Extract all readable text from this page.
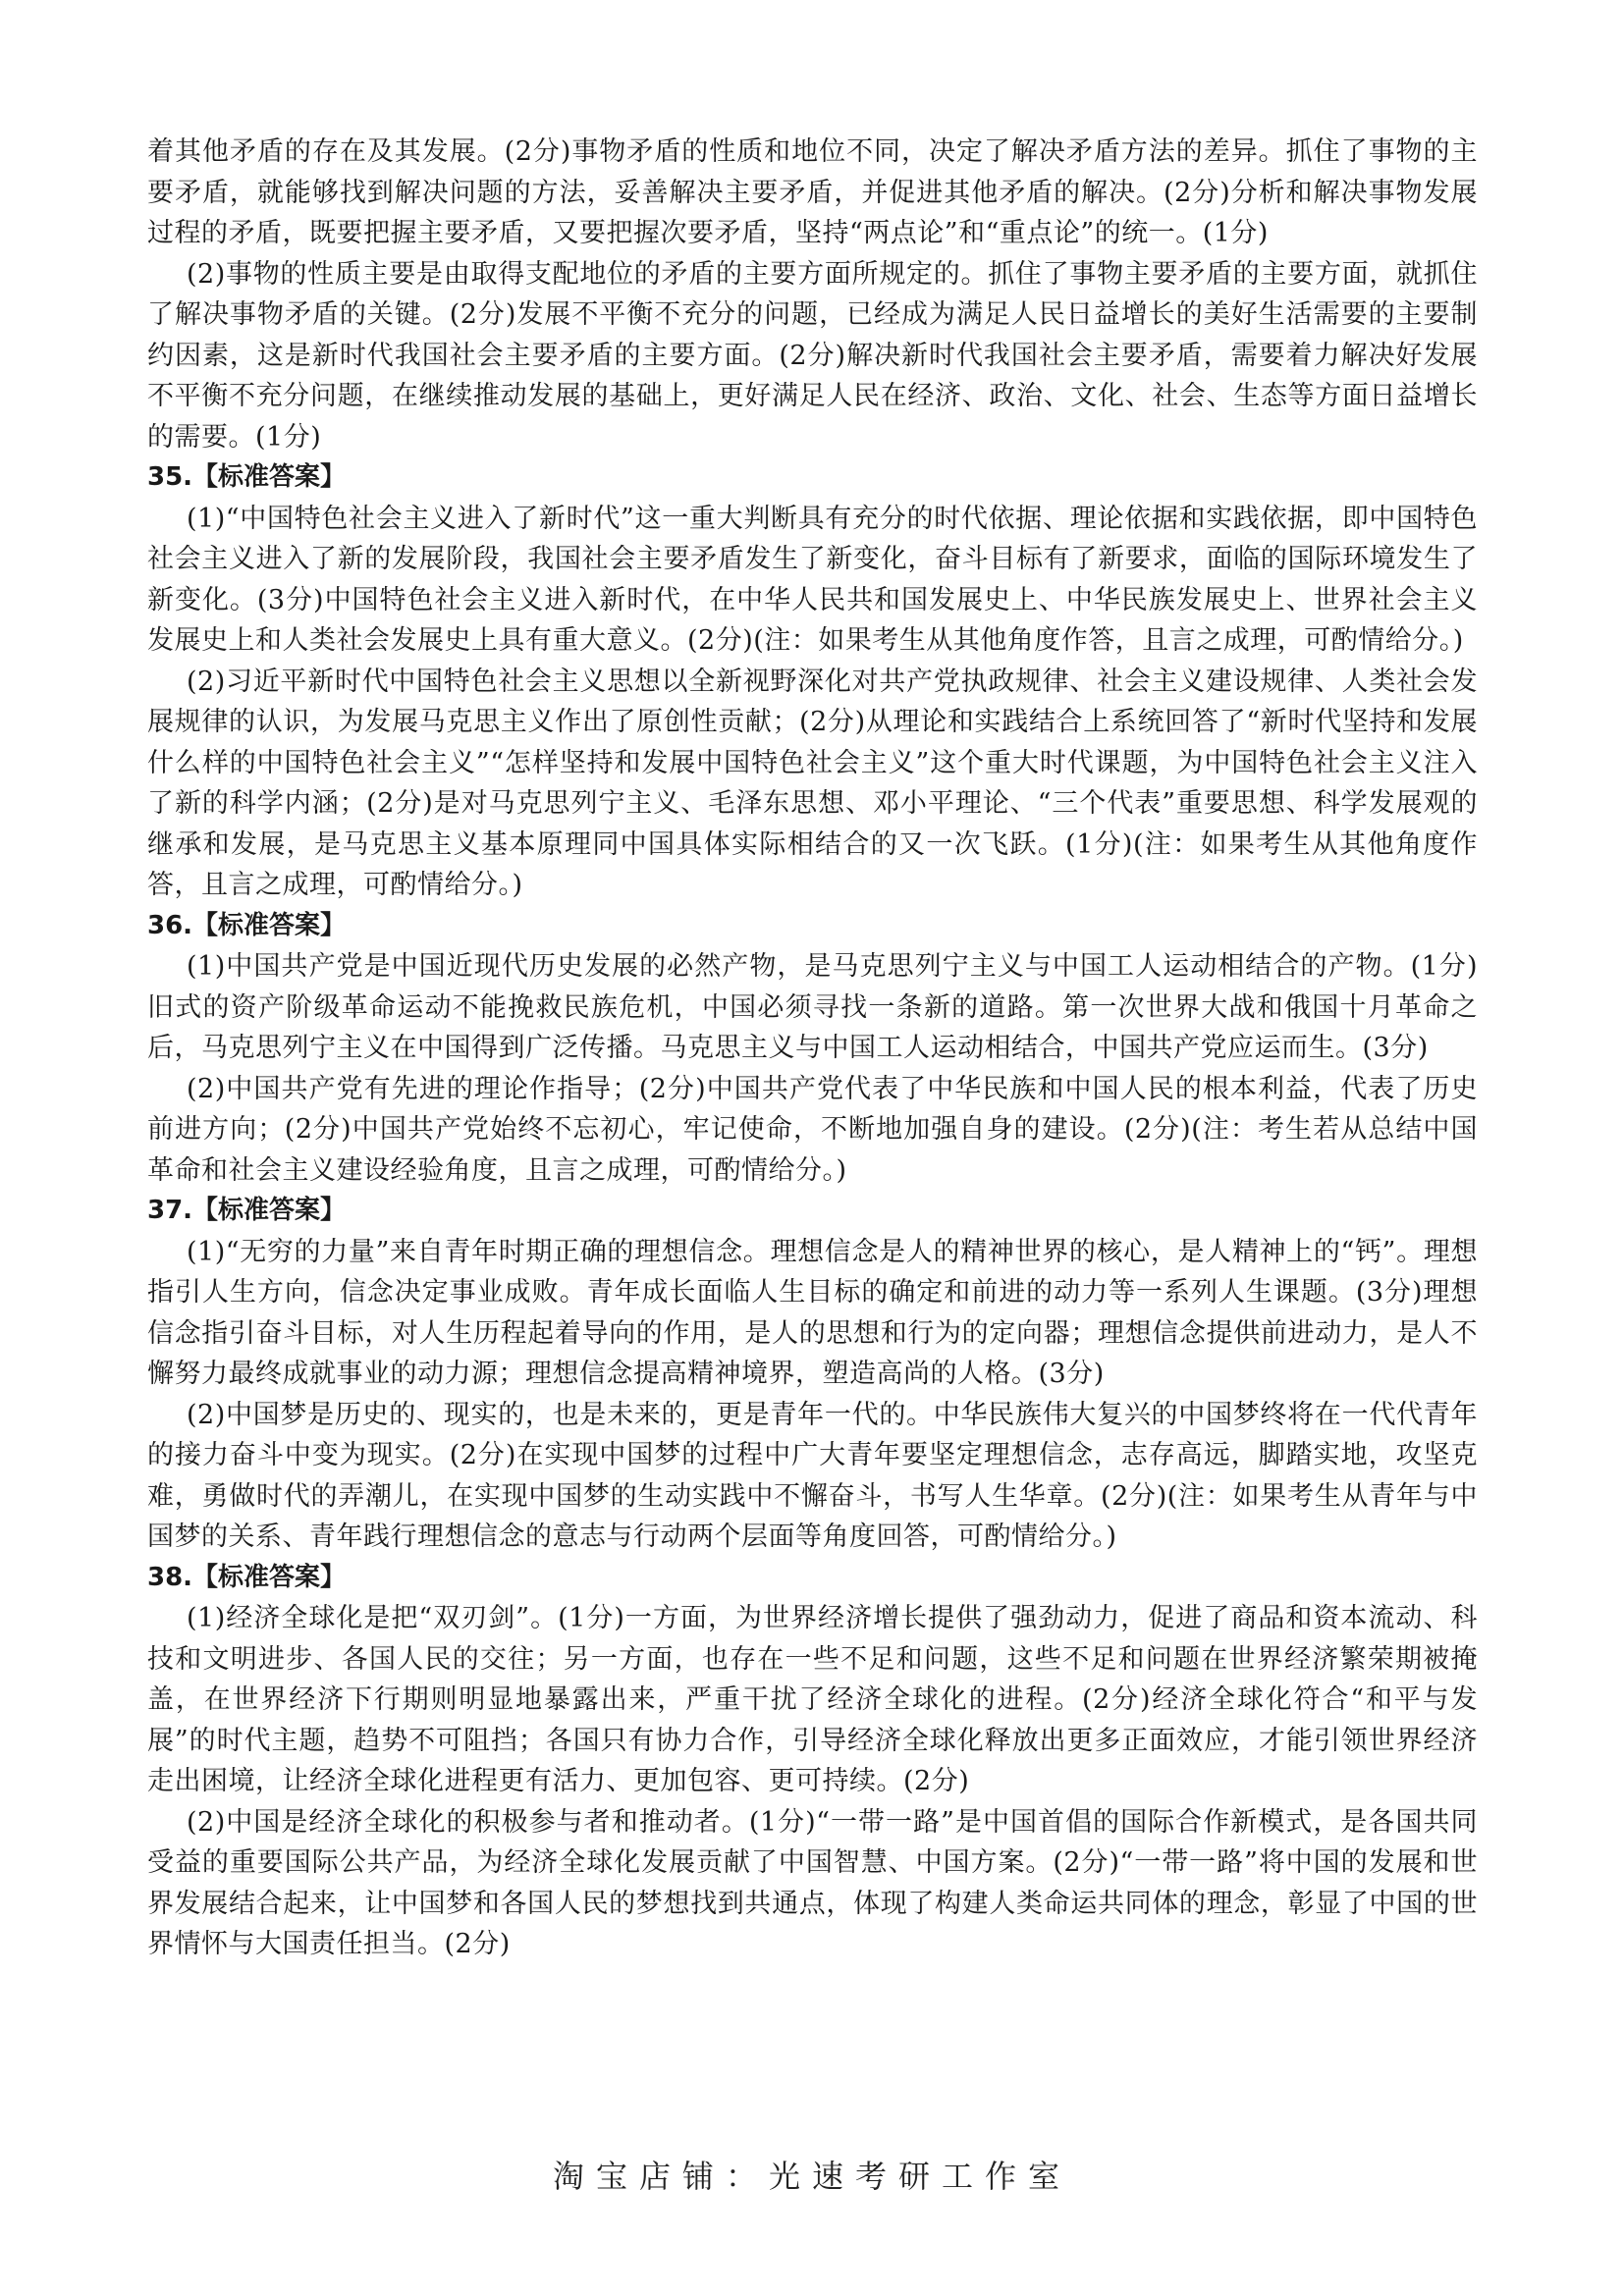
着其他矛盾的存在及其发展。(2分)事物矛盾的性质和地位不同，决定了解决矛盾方法的差异。抓住了事物的主要矛盾，就能够找到解决问题的方法，妥善解决主要矛盾，并促进其他矛盾的解决。(2分)分析和解决事物发展过程的矛盾，既要把握主要矛盾，又要把握次要矛盾，坚持“两点论”和“重点论”的统一。(1分)

(2)事物的性质主要是由取得支配地位的矛盾的主要方面所规定的。抓住了事物主要矛盾的主要方面，就抓住了解决事物矛盾的关键。(2分)发展不平衡不充分的问题，已经成为满足人民日益增长的美好生活需要的主要制约因素，这是新时代我国社会主要矛盾的主要方面。(2分)解决新时代我国社会主要矛盾，需要着力解决好发展不平衡不充分问题，在继续推动发展的基础上，更好满足人民在经济、政治、文化、社会、生态等方面日益增长的需要。(1分)

35.【标准答案】

(1)“中国特色社会主义进入了新时代”这一重大判断具有充分的时代依据、理论依据和实践依据，即中国特色社会主义进入了新的发展阶段，我国社会主要矛盾发生了新变化，奋斗目标有了新要求，面临的国际环境发生了新变化。(3分)中国特色社会主义进入新时代，在中华人民共和国发展史上、中华民族发展史上、世界社会主义发展史上和人类社会发展史上具有重大意义。(2分)(注：如果考生从其他角度作答，且言之成理，可酌情给分。)

(2)习近平新时代中国特色社会主义思想以全新视野深化对共产党执政规律、社会主义建设规律、人类社会发展规律的认识，为发展马克思主义作出了原创性贡献；(2分)从理论和实践结合上系统回答了“新时代坚持和发展什么样的中国特色社会主义”“怎样坚持和发展中国特色社会主义”这个重大时代课题，为中国特色社会主义注入了新的科学内涵；(2分)是对马克思列宁主义、毛泽东思想、邓小平理论、“三个代表”重要思想、科学发展观的继承和发展，是马克思主义基本原理同中国具体实际相结合的又一次飞跃。(1分)(注：如果考生从其他角度作答，且言之成理，可酌情给分。)

36.【标准答案】

(1)中国共产党是中国近现代历史发展的必然产物，是马克思列宁主义与中国工人运动相结合的产物。(1分)旧式的资产阶级革命运动不能挽救民族危机，中国必须寻找一条新的道路。第一次世界大战和俄国十月革命之后，马克思列宁主义在中国得到广泛传播。马克思主义与中国工人运动相结合，中国共产党应运而生。(3分)

(2)中国共产党有先进的理论作指导；(2分)中国共产党代表了中华民族和中国人民的根本利益，代表了历史前进方向；(2分)中国共产党始终不忘初心，牢记使命，不断地加强自身的建设。(2分)(注：考生若从总结中国革命和社会主义建设经验角度，且言之成理，可酌情给分。)

37.【标准答案】

(1)“无穷的力量”来自青年时期正确的理想信念。理想信念是人的精神世界的核心，是人精神上的“钙”。理想指引人生方向，信念决定事业成败。青年成长面临人生目标的确定和前进的动力等一系列人生课题。(3分)理想信念指引奋斗目标，对人生历程起着导向的作用，是人的思想和行为的定向器；理想信念提供前进动力，是人不懈努力最终成就事业的动力源；理想信念提高精神境界，塑造高尚的人格。(3分)

(2)中国梦是历史的、现实的，也是未来的，更是青年一代的。中华民族伟大复兴的中国梦终将在一代代青年的接力奋斗中变为现实。(2分)在实现中国梦的过程中广大青年要坚定理想信念，志存高远，脚踏实地，攻坚克难，勇做时代的弄潮儿，在实现中国梦的生动实践中不懈奋斗，书写人生华章。(2分)(注：如果考生从青年与中国梦的关系、青年践行理想信念的意志与行动两个层面等角度回答，可酌情给分。)

38.【标准答案】

(1)经济全球化是把“双刃剑”。(1分)一方面，为世界经济增长提供了强劲动力，促进了商品和资本流动、科技和文明进步、各国人民的交往；另一方面，也存在一些不足和问题，这些不足和问题在世界经济繁荣期被掩盖，在世界经济下行期则明显地暴露出来，严重干扰了经济全球化的进程。(2分)经济全球化符合“和平与发展”的时代主题，趋势不可阻挡；各国只有协力合作，引导经济全球化释放出更多正面效应，才能引领世界经济走出困境，让经济全球化进程更有活力、更加包容、更可持续。(2分)

(2)中国是经济全球化的积极参与者和推动者。(1分)“一带一路”是中国首倡的国际合作新模式，是各国共同受益的重要国际公共产品，为经济全球化发展贡献了中国智慧、中国方案。(2分)“一带一路”将中国的发展和世界发展结合起来，让中国梦和各国人民的梦想找到共通点，体现了构建人类命运共同体的理念，彰显了中国的世界情怀与大国责任担当。(2分)

淘宝店铺：光速考研工作室
